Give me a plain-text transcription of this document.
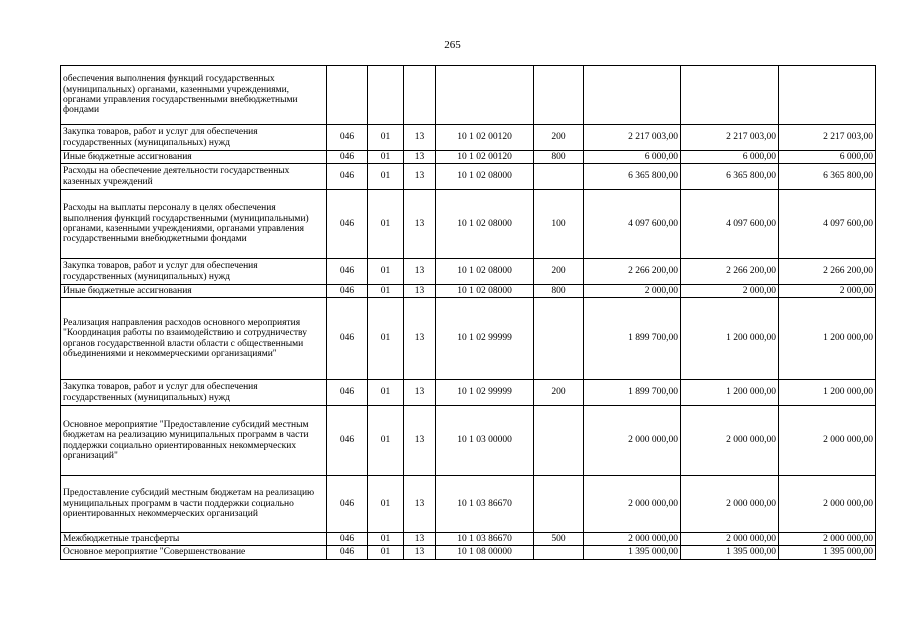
265
обеспечения выполнения функций государственных (муниципальных) органами, казенными учреждениями, органами управления государственными внебюджетными фондами								
Закупка товаров, работ и услуг для обеспечения государственных (муниципальных) нужд	046	01	13	10 1 02 00120	200	2 217 003,00	2 217 003,00	2 217 003,00
Иные бюджетные ассигнования	046	01	13	10 1 02 00120	800	6 000,00	6 000,00	6 000,00
Расходы на обеспечение деятельности государственных казенных учреждений	046	01	13	10 1 02 08000		6 365 800,00	6 365 800,00	6 365 800,00
Расходы на выплаты персоналу в целях обеспечения выполнения функций государственными (муниципальными) органами, казенными учреждениями, органами управления государственными внебюджетными фондами	046	01	13	10 1 02 08000	100	4 097 600,00	4 097 600,00	4 097 600,00
Закупка товаров, работ и услуг для обеспечения государственных (муниципальных) нужд	046	01	13	10 1 02 08000	200	2 266 200,00	2 266 200,00	2 266 200,00
Иные бюджетные ассигнования	046	01	13	10 1 02 08000	800	2 000,00	2 000,00	2 000,00
Реализация направления расходов основного мероприятия "Координация работы по взаимодействию и сотрудничеству органов государственной власти области с общественными объединениями и некоммерческими организациями"	046	01	13	10 1 02 99999		1 899 700,00	1 200 000,00	1 200 000,00
Закупка товаров, работ и услуг для обеспечения государственных (муниципальных) нужд	046	01	13	10 1 02 99999	200	1 899 700,00	1 200 000,00	1 200 000,00
Основное мероприятие "Предоставление субсидий местным бюджетам на реализацию муниципальных программ в части поддержки социально ориентированных некоммерческих организаций"	046	01	13	10 1 03 00000		2 000 000,00	2 000 000,00	2 000 000,00
Предоставление субсидий местным бюджетам на реализацию муниципальных программ в части поддержки социально ориентированных некоммерческих организаций	046	01	13	10 1 03 86670		2 000 000,00	2 000 000,00	2 000 000,00
Межбюджетные трансферты	046	01	13	10 1 03 86670	500	2 000 000,00	2 000 000,00	2 000 000,00
Основное мероприятие "Совершенствование	046	01	13	10 1 08 00000		1 395 000,00	1 395 000,00	1 395 000,00
